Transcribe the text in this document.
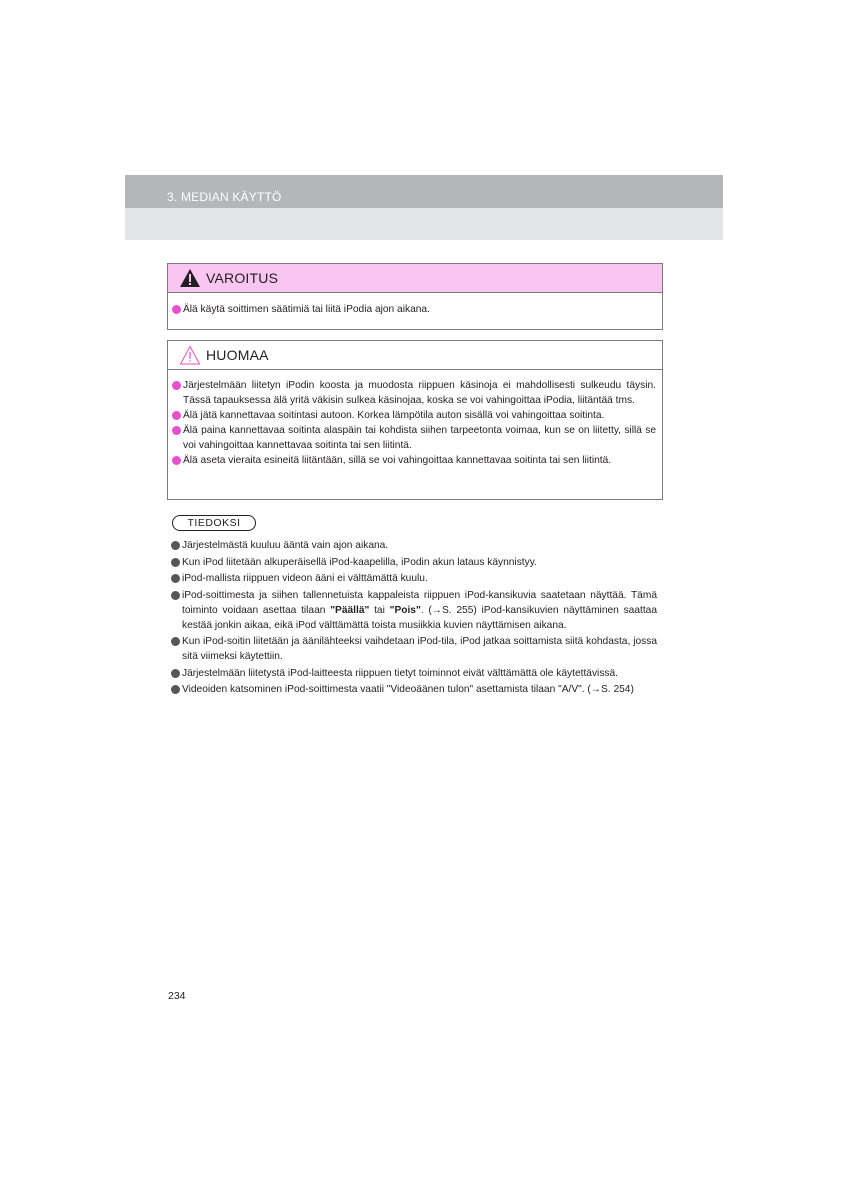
3. MEDIAN KÄYTTÖ
VAROITUS

Älä käytä soittimen säätimiä tai liitä iPodia ajon aikana.

HUOMAA

Järjestelmään liitetyn iPodin koosta ja muodosta riippuen käsinoja ei mahdollisesti sulkeudu täysin. Tässä tapauksessa älä yritä väkisin sulkea käsinojaa, koska se voi vahingoittaa iPodia, liitäntää tms.

Älä jätä kannettavaa soitintasi autoon. Korkea lämpötila auton sisällä voi vahingoittaa soitinta.

Älä paina kannettavaa soitinta alaspäin tai kohdista siihen tarpeetonta voimaa, kun se on liitetty, sillä se voi vahingoittaa kannettavaa soitinta tai sen liitintä.

Älä aseta vieraita esineitä liitäntään, sillä se voi vahingoittaa kannettavaa soitinta tai sen liitintä.

TIEDOKSI

Järjestelmästä kuuluu ääntä vain ajon aikana.

Kun iPod liitetään alkuperäisellä iPod-kaapelilla, iPodin akun lataus käynnistyy.

iPod-mallista riippuen videon ääni ei välttämättä kuulu.

iPod-soittimesta ja siihen tallennetuista kappaleista riippuen iPod-kansikuvia saatetaan näyttää. Tämä toiminto voidaan asettaa tilaan "Päällä" tai "Pois". (→S. 255) iPod-kansikuvien näyttäminen saattaa kestää jonkin aikaa, eikä iPod välttämättä toista musiikkia kuvien näyttämisen aikana.

Kun iPod-soitin liitetään ja äänilähteeksi vaihdetaan iPod-tila, iPod jatkaa soittamista siitä kohdasta, jossa sitä viimeksi käytettiin.

Järjestelmään liitetystä iPod-laitteesta riippuen tietyt toiminnot eivät välttämättä ole käytettävissä.

Videoiden katsominen iPod-soittimesta vaatii "Videoäänen tulon" asettamista tilaan "A/V". (→S. 254)

234
